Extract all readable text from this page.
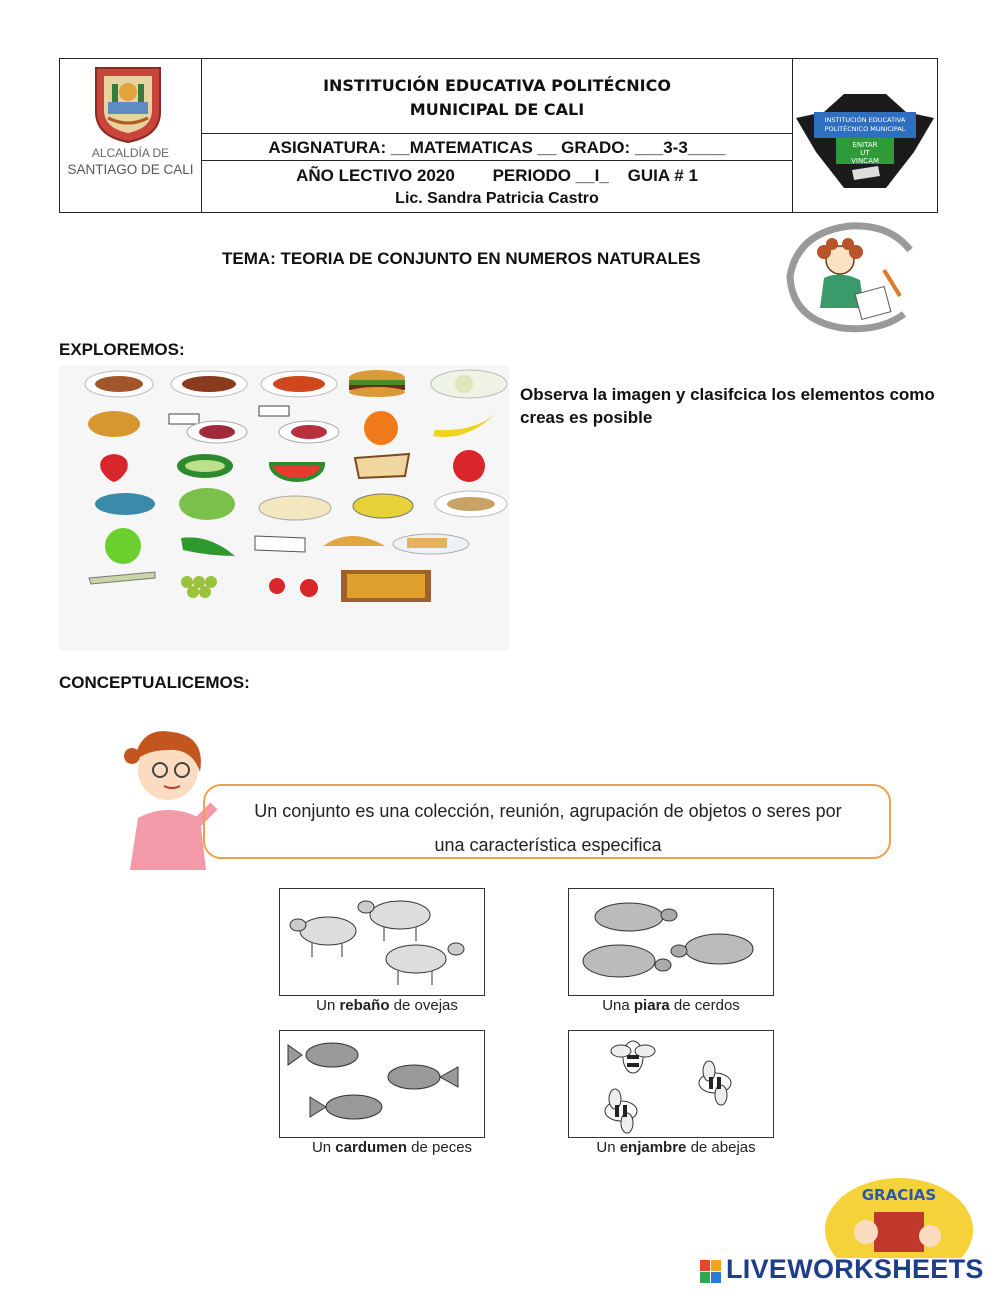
ALCALDÍA DE
SANTIAGO DE CALI
INSTITUCIÓN EDUCATIVA POLITÉCNICO
MUNICIPAL DE CALI
ASIGNATURA: __MATEMATICAS __ GRADO: ___3-3____
AÑO LECTIVO 2020        PERIODO __I_    GUIA # 1
Lic. Sandra Patricia Castro
INSTITUCIÓN EDUCATIVA
POLITÉCNICO MUNICIPAL
ENITAR
UT
VINCAM
TEMA: TEORIA DE CONJUNTO EN NUMEROS NATURALES
EXPLOREMOS:
Observa la imagen y clasifcica los elementos como creas es posible
CONCEPTUALICEMOS:
Un conjunto es una colección, reunión, agrupación de objetos o seres por
una característica especifica
Un rebaño de ovejas	Una piara de cerdos
Un cardumen de peces	Un enjambre de abejas
GRACIAS
LIVEWORKSHEETS
